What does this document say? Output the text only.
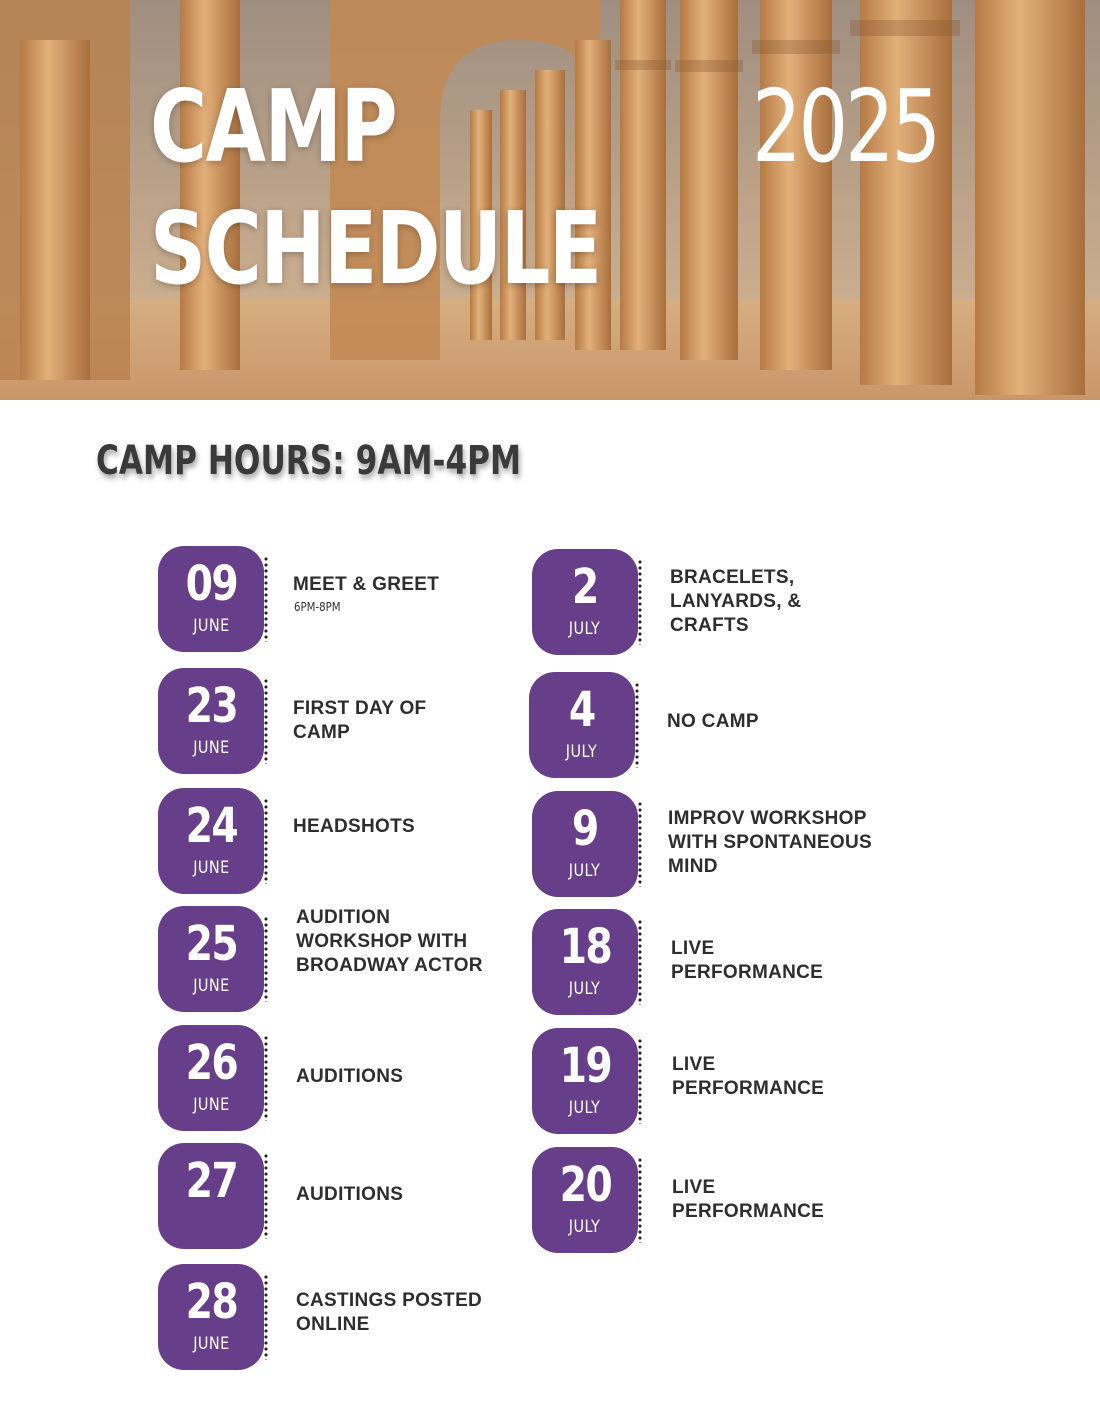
CAMP
SCHEDULE
2025
CAMP HOURS: 9AM-4PM
09
JUNE
MEET & GREET
6PM-8PM
23
JUNE
FIRST DAY OF CAMP
24
JUNE
HEADSHOTS
25
JUNE
AUDITION WORKSHOP WITH BROADWAY ACTOR
26
JUNE
AUDITIONS
27	AUDITIONS
28
JUNE
CASTINGS POSTED ONLINE
2
JULY
BRACELETS, LANYARDS, & CRAFTS
4
JULY
NO CAMP
9
JULY
IMPROV WORKSHOP WITH SPONTANEOUS MIND
18
JULY
LIVE PERFORMANCE
19
JULY
LIVE PERFORMANCE
20
JULY
LIVE PERFORMANCE
